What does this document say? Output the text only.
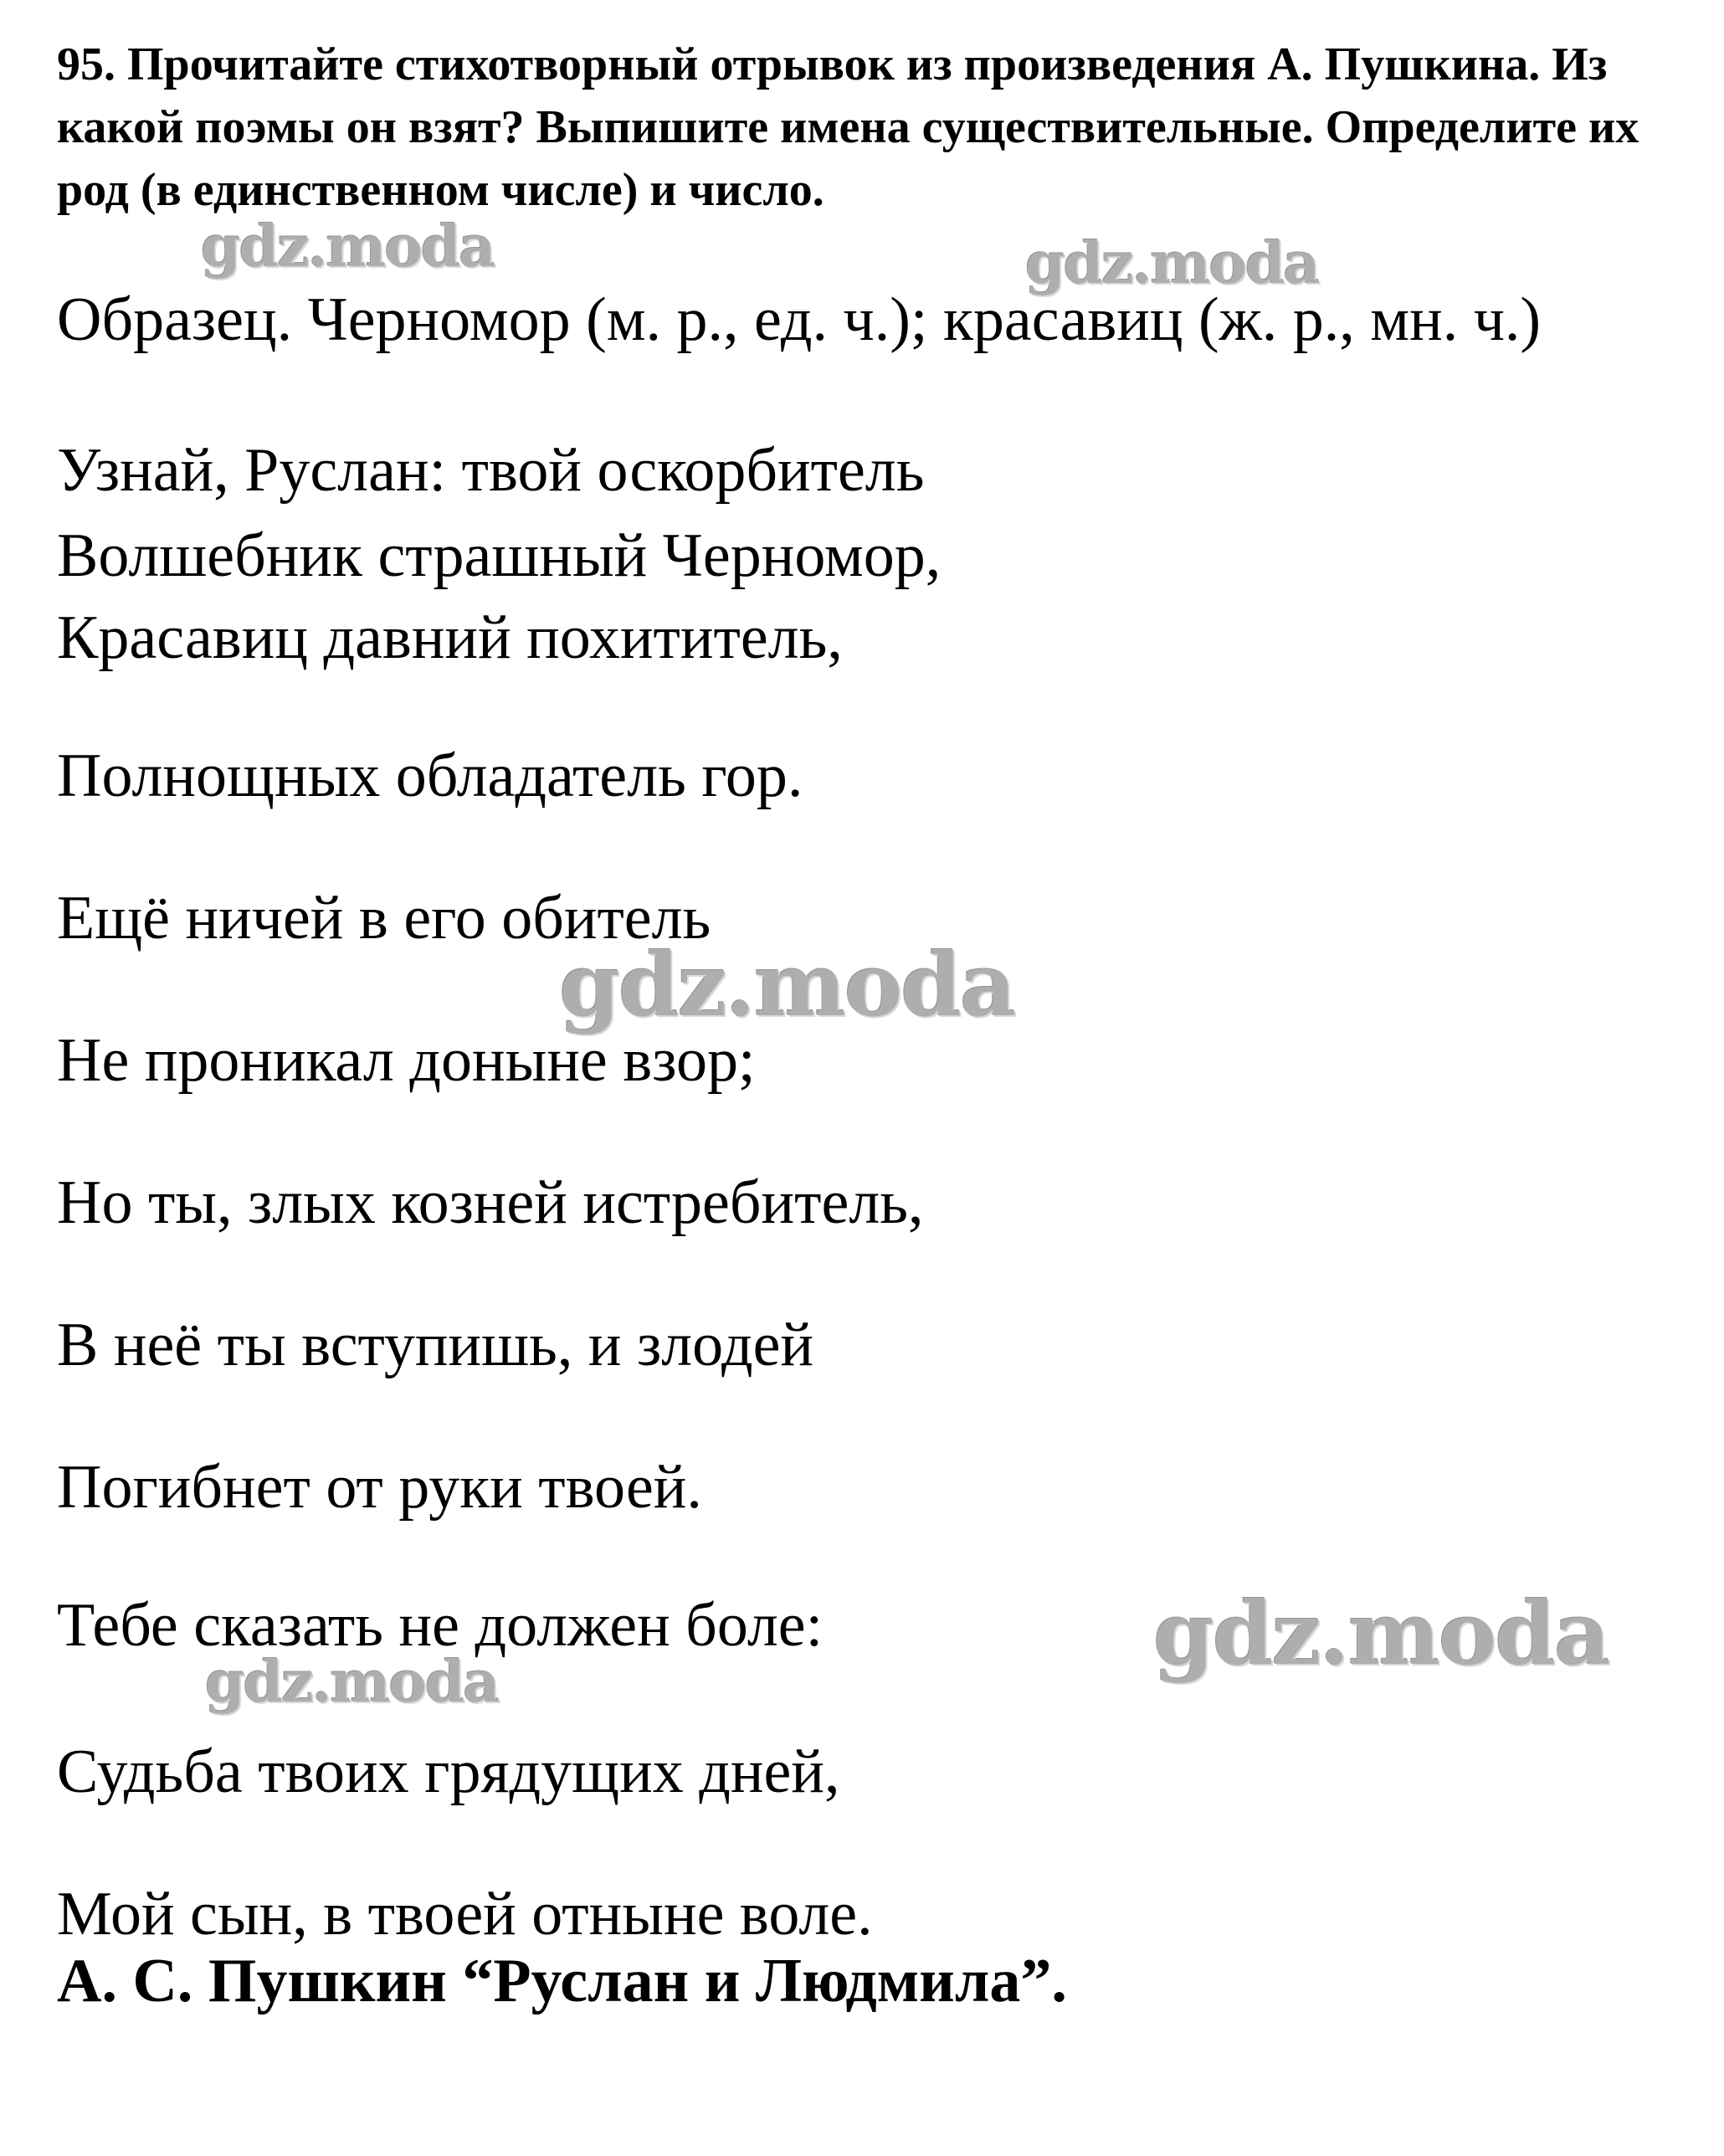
95. Прочитайте стихотворный отрывок из произведения А. Пушкина. Из какой поэмы он взят? Выпишите имена существительные. Определите их род (в единственном числе) и число.
Образец. Черномор (м. р., ед. ч.); красавиц (ж. р., мн. ч.)
Узнай, Руслан: твой оскорбитель
Волшебник страшный Черномор,
Красавиц давний похититель,
Полнощных обладатель гор.
Ещё ничей в его обитель
Не проникал доныне взор;
Но ты, злых козней истребитель,
В неё ты вступишь, и злодей
Погибнет от руки твоей.
Тебе сказать не должен боле:
Судьба твоих грядущих дней,
Мой сын, в твоей отныне воле.
А. С. Пушкин “Руслан и Людмила”.
gdz.moda	gdz.moda
gdz.moda
gdz.moda
gdz.moda
